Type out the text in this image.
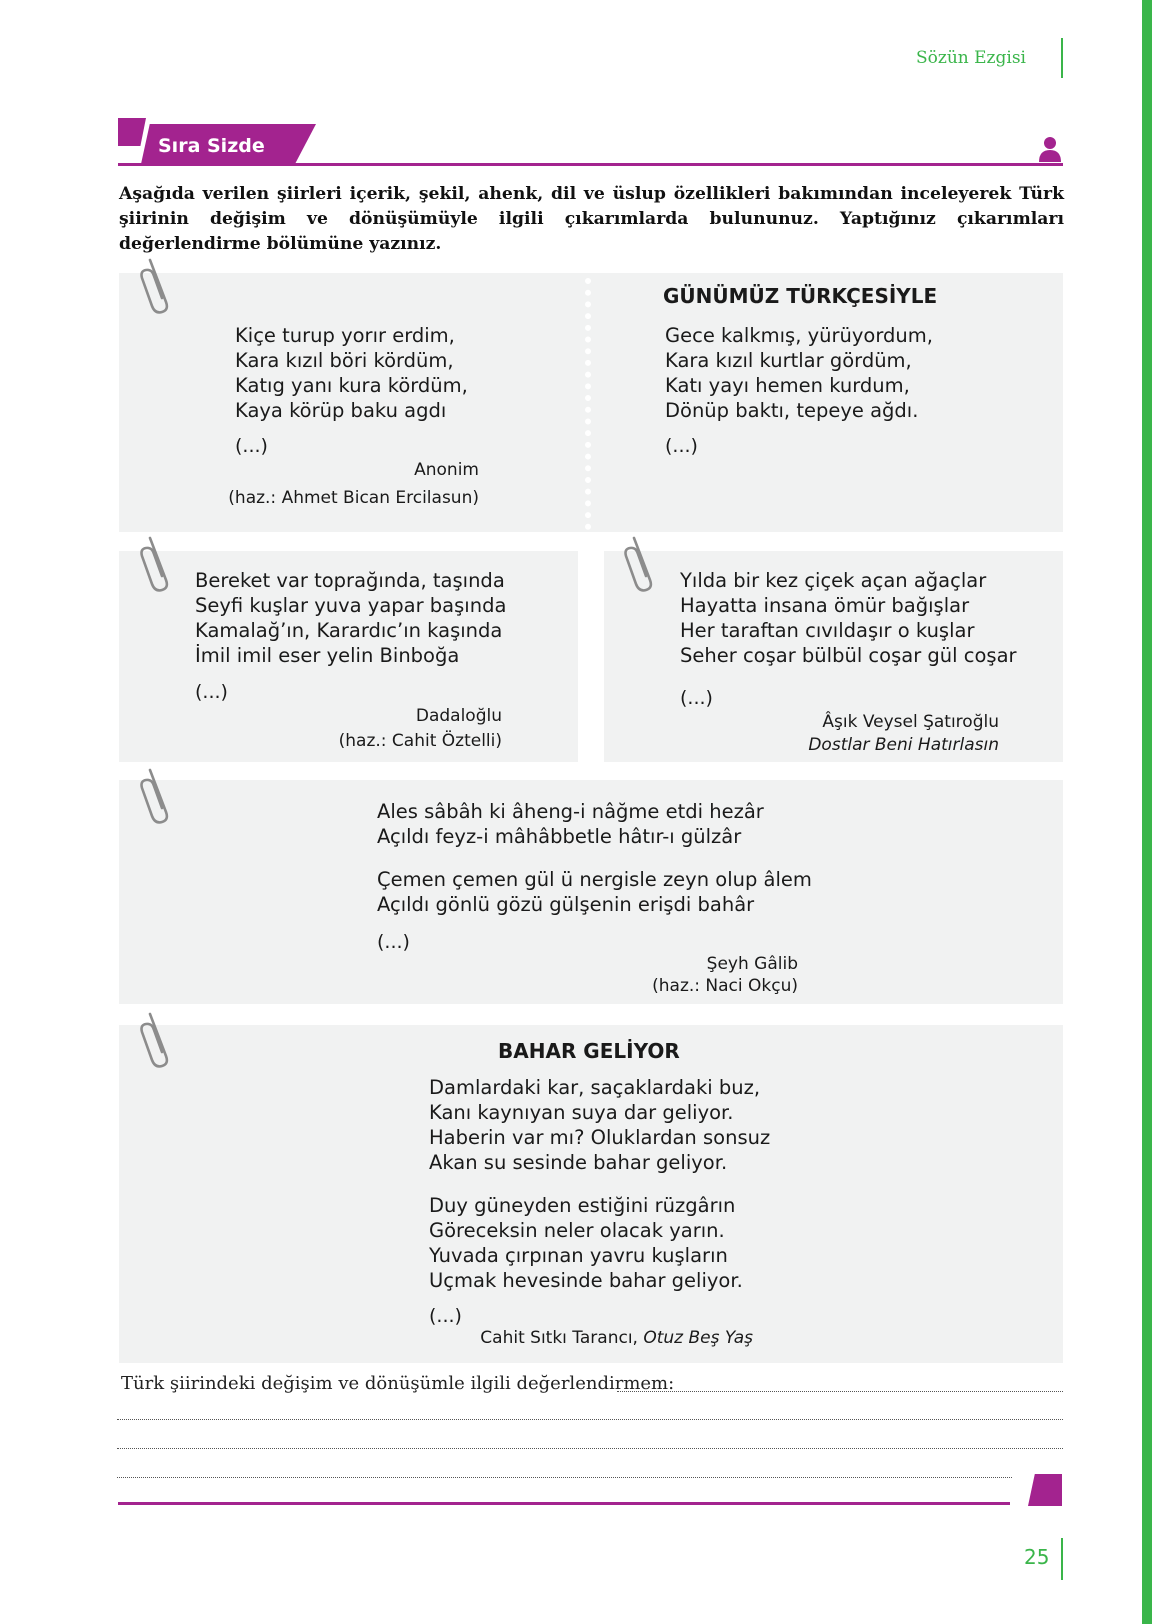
Sözün Ezgisi
Sıra Sizde
Aşağıda verilen şiirleri içerik, şekil, ahenk, dil ve üslup özellikleri bakımından inceleyerek Türk şiirinin değişim ve dönüşümüyle ilgili çıkarımlarda bulununuz. Yaptığınız çıkarımları değerlendirme bölümüne yazınız.
Kiçe turup yorır erdim,
Kara kızıl böri kördüm,
Katıg yanı kura kördüm,
Kaya körüp baku agdı
(...)
Anonim
(haz.: Ahmet Bican Ercilasun)
GÜNÜMÜZ TÜRKÇESİYLE
Gece kalkmış, yürüyordum,
Kara kızıl kurtlar gördüm,
Katı yayı hemen kurdum,
Dönüp baktı, tepeye ağdı.
(...)
Bereket var toprağında, taşında
Seyfi kuşlar yuva yapar başında
Kamalağ’ın, Karardıc’ın kaşında
İmil imil eser yelin Binboğa
(...)
Dadaloğlu
(haz.: Cahit Öztelli)
Yılda bir kez çiçek açan ağaçlar
Hayatta insana ömür bağışlar
Her taraftan cıvıldaşır o kuşlar
Seher coşar bülbül coşar gül coşar
(...)
Âşık Veysel Şatıroğlu
Dostlar Beni Hatırlasın
Ales sâbâh ki âheng-i nâğme etdi hezâr
Açıldı feyz-i mâhâbbetle hâtır-ı gülzâr
Çemen çemen gül ü nergisle zeyn olup âlem
Açıldı gönlü gözü gülşenin erişdi bahâr
(...)
Şeyh Gâlib
(haz.: Naci Okçu)
BAHAR GELİYOR
Damlardaki kar, saçaklardaki buz,
Kanı kaynıyan suya dar geliyor.
Haberin var mı? Oluklardan sonsuz
Akan su sesinde bahar geliyor.
Duy güneyden estiğini rüzgârın
Göreceksin neler olacak yarın.
Yuvada çırpınan yavru kuşların
Uçmak hevesinde bahar geliyor.
(...)
Cahit Sıtkı Tarancı, Otuz Beş Yaş
Türk şiirindeki değişim ve dönüşümle ilgili değerlendirmem:
25
